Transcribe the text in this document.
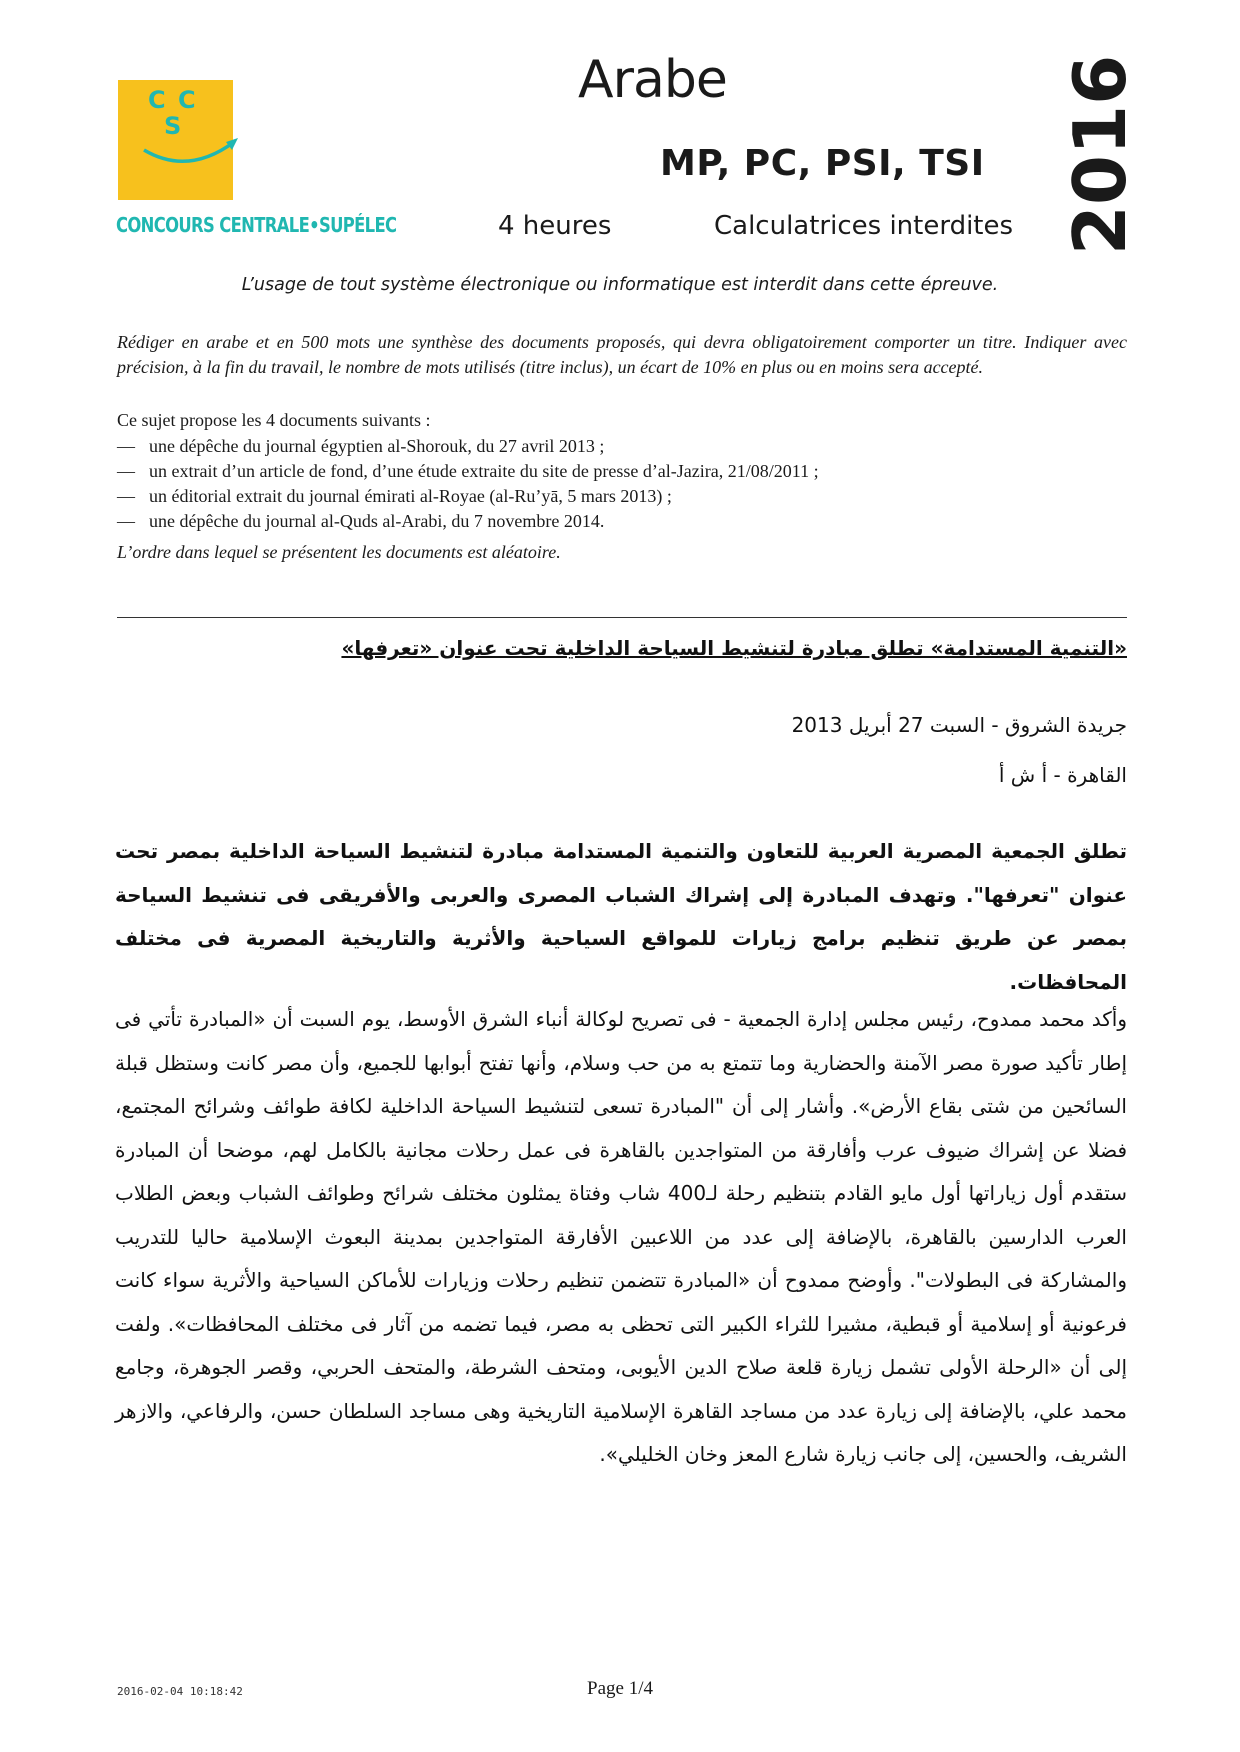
C C
S
CONCOURS CENTRALE•SUPÉLEC
Arabe
MP, PC, PSI, TSI
4 heures	Calculatrices interdites 2016
L’usage de tout système électronique ou informatique est interdit dans cette épreuve.
Rédiger en arabe et en 500 mots une synthèse des documents proposés, qui devra obligatoirement comporter un titre. Indiquer avec précision, à la fin du travail, le nombre de mots utilisés (titre inclus), un écart de 10% en plus ou en moins sera accepté.
Ce sujet propose les 4 documents suivants :
— une dépêche du journal égyptien al-Shorouk, du 27 avril 2013 ;
— un extrait d’un article de fond, d’une étude extraite du site de presse d’al-Jazira, 21/08/2011 ;
— un éditorial extrait du journal émirati al-Royae (al-Ru’yā, 5 mars 2013) ;
— une dépêche du journal al-Quds al-Arabi, du 7 novembre 2014.
L’ordre dans lequel se présentent les documents est aléatoire.
«التنمية المستدامة» تطلق مبادرة لتنشيط السياحة الداخلية تحت عنوان «تعرفها»
جريدة الشروق - السبت 27 أبريل 2013
القاهرة - أ ش أ
تطلق الجمعية المصرية العربية للتعاون والتنمية المستدامة مبادرة لتنشيط السياحة الداخلية بمصر تحت عنوان "تعرفها". وتهدف المبادرة إلى إشراك الشباب المصرى والعربى والأفريقى فى تنشيط السياحة بمصر عن طريق تنظيم برامج زيارات للمواقع السياحية والأثرية والتاريخية المصرية فى مختلف المحافظات.
وأكد محمد ممدوح، رئيس مجلس إدارة الجمعية - فى تصريح لوكالة أنباء الشرق الأوسط، يوم السبت أن «المبادرة تأتي فى إطار تأكيد صورة مصر الآمنة والحضارية وما تتمتع به من حب وسلام، وأنها تفتح أبوابها للجميع، وأن مصر كانت وستظل قبلة السائحين من شتى بقاع الأرض». وأشار إلى أن "المبادرة تسعى لتنشيط السياحة الداخلية لكافة طوائف وشرائح المجتمع، فضلا عن إشراك ضيوف عرب وأفارقة من المتواجدين بالقاهرة فى عمل رحلات مجانية بالكامل لهم، موضحا أن المبادرة ستقدم أول زياراتها أول مايو القادم بتنظيم رحلة لـ400 شاب وفتاة يمثلون مختلف شرائح وطوائف الشباب وبعض الطلاب العرب الدارسين بالقاهرة، بالإضافة إلى عدد من اللاعبين الأفارقة المتواجدين بمدينة البعوث الإسلامية حاليا للتدريب والمشاركة فى البطولات". وأوضح ممدوح أن «المبادرة تتضمن تنظيم رحلات وزيارات للأماكن السياحية والأثرية سواء كانت فرعونية أو إسلامية أو قبطية، مشيرا للثراء الكبير التى تحظى به مصر، فيما تضمه من آثار فى مختلف المحافظات». ولفت إلى أن «الرحلة الأولى تشمل زيارة قلعة صلاح الدين الأيوبى، ومتحف الشرطة، والمتحف الحربي، وقصر الجوهرة، وجامع محمد علي، بالإضافة إلى زيارة عدد من مساجد القاهرة الإسلامية التاريخية وهى مساجد السلطان حسن، والرفاعي، والازهر الشريف، والحسين، إلى جانب زيارة شارع المعز وخان الخليلي».
2016-02-04 10:18:42	Page 1/4
